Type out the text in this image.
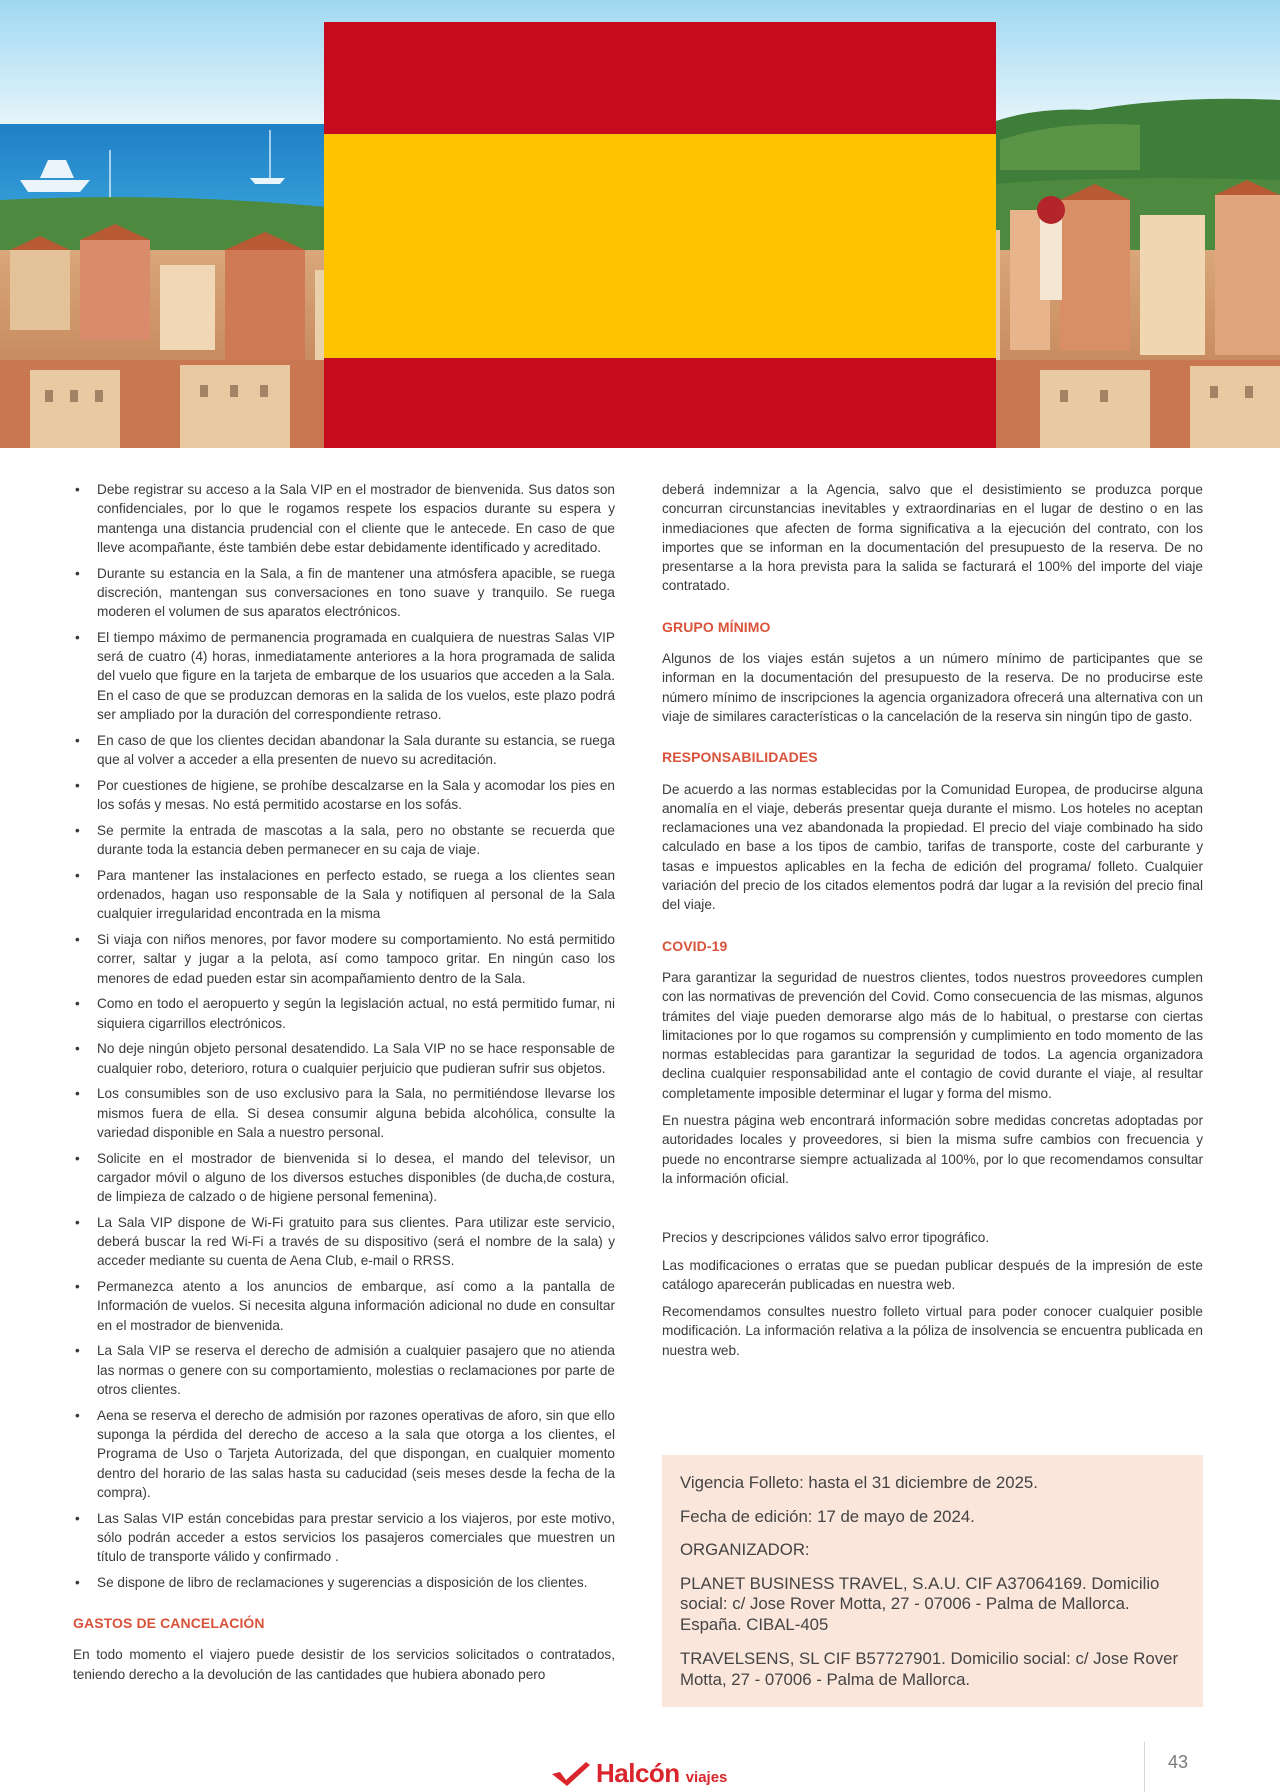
• Debe registrar su acceso a la Sala VIP en el mostrador de bienvenida. Sus datos son confidenciales, por lo que le rogamos respete los espacios durante su espera y mantenga una distancia prudencial con el cliente que le antecede. En caso de que lleve acompañante, éste también debe estar debidamente identificado y acreditado.
• Durante su estancia en la Sala, a fin de mantener una atmósfera apacible, se ruega discreción, mantengan sus conversaciones en tono suave y tranquilo. Se ruega moderen el volumen de sus aparatos electrónicos.
• El tiempo máximo de permanencia programada en cualquiera de nuestras Salas VIP será de cuatro (4) horas, inmediatamente anteriores a la hora programada de salida del vuelo que figure en la tarjeta de embarque de los usuarios que acceden a la Sala. En el caso de que se produzcan demoras en la salida de los vuelos, este plazo podrá ser ampliado por la duración del correspondiente retraso.
• En caso de que los clientes decidan abandonar la Sala durante su estancia, se ruega que al volver a acceder a ella presenten de nuevo su acreditación.
• Por cuestiones de higiene, se prohíbe descalzarse en la Sala y acomodar los pies en los sofás y mesas. No está permitido acostarse en los sofás.
• Se permite la entrada de mascotas a la sala, pero no obstante se recuerda que durante toda la estancia deben permanecer en su caja de viaje.
• Para mantener las instalaciones en perfecto estado, se ruega a los clientes sean ordenados, hagan uso responsable de la Sala y notifiquen al personal de la Sala cualquier irregularidad encontrada en la misma
• Si viaja con niños menores, por favor modere su comportamiento. No está permitido correr, saltar y jugar a la pelota, así como tampoco gritar. En ningún caso los menores de edad pueden estar sin acompañamiento dentro de la Sala.
• Como en todo el aeropuerto y según la legislación actual, no está permitido fumar, ni siquiera cigarrillos electrónicos.
• No deje ningún objeto personal desatendido. La Sala VIP no se hace responsable de cualquier robo, deterioro, rotura o cualquier perjuicio que pudieran sufrir sus objetos.
• Los consumibles son de uso exclusivo para la Sala, no permitiéndose llevarse los mismos fuera de ella. Si desea consumir alguna bebida alcohólica, consulte la variedad disponible en Sala a nuestro personal.
• Solicite en el mostrador de bienvenida si lo desea, el mando del televisor, un cargador móvil o alguno de los diversos estuches disponibles (de ducha,de costura, de limpieza de calzado o de higiene personal femenina).
• La Sala VIP dispone de Wi-Fi gratuito para sus clientes. Para utilizar este servicio, deberá buscar la red Wi-Fi a través de su dispositivo (será el nombre de la sala) y acceder mediante su cuenta de Aena Club, e-mail o RRSS.
• Permanezca atento a los anuncios de embarque, así como a la pantalla de Información de vuelos. Si necesita alguna información adicional no dude en consultar en el mostrador de bienvenida.
• La Sala VIP se reserva el derecho de admisión a cualquier pasajero que no atienda las normas o genere con su comportamiento, molestias o reclamaciones por parte de otros clientes.
• Aena se reserva el derecho de admisión por razones operativas de aforo, sin que ello suponga la pérdida del derecho de acceso a la sala que otorga a los clientes, el Programa de Uso o Tarjeta Autorizada, del que dispongan, en cualquier momento dentro del horario de las salas hasta su caducidad (seis meses desde la fecha de la compra).
• Las Salas VIP están concebidas para prestar servicio a los viajeros, por este motivo, sólo podrán acceder a estos servicios los pasajeros comerciales que muestren un título de transporte válido y confirmado .
• Se dispone de libro de reclamaciones y sugerencias a disposición de los clientes.
GASTOS DE CANCELACIÓN

En todo momento el viajero puede desistir de los servicios solicitados o contratados, teniendo derecho a la devolución de las cantidades que hubiera abonado pero

deberá indemnizar a la Agencia, salvo que el desistimiento se produzca porque concurran circunstancias inevitables y extraordinarias en el lugar de destino o en las inmediaciones que afecten de forma significativa a la ejecución del contrato, con los importes que se informan en la documentación del presupuesto de la reserva. De no presentarse a la hora prevista para la salida se facturará el 100% del importe del viaje contratado.

GRUPO MÍNIMO

Algunos de los viajes están sujetos a un número mínimo de participantes que se informan en la documentación del presupuesto de la reserva. De no producirse este número mínimo de inscripciones la agencia organizadora ofrecerá una alternativa con un viaje de similares características o la cancelación de la reserva sin ningún tipo de gasto.

RESPONSABILIDADES

De acuerdo a las normas establecidas por la Comunidad Europea, de producirse alguna anomalía en el viaje, deberás presentar queja durante el mismo. Los hoteles no aceptan reclamaciones una vez abandonada la propiedad. El precio del viaje combinado ha sido calculado en base a los tipos de cambio, tarifas de transporte, coste del carburante y tasas e impuestos aplicables en la fecha de edición del programa/ folleto. Cualquier variación del precio de los citados elementos podrá dar lugar a la revisión del precio final del viaje.

COVID-19

Para garantizar la seguridad de nuestros clientes, todos nuestros proveedores cumplen con las normativas de prevención del Covid. Como consecuencia de las mismas, algunos trámites del viaje pueden demorarse algo más de lo habitual, o prestarse con ciertas limitaciones por lo que rogamos su comprensión y cumplimiento en todo momento de las normas establecidas para garantizar la seguridad de todos. La agencia organizadora declina cualquier responsabilidad ante el contagio de covid durante el viaje, al resultar completamente imposible determinar el lugar y forma del mismo.

En nuestra página web encontrará información sobre medidas concretas adoptadas por autoridades locales y proveedores, si bien la misma sufre cambios con frecuencia y puede no encontrarse siempre actualizada al 100%, por lo que recomendamos consultar la información oficial.

Precios y descripciones válidos salvo error tipográfico.

Las modificaciones o erratas que se puedan publicar después de la impresión de este catálogo aparecerán publicadas en nuestra web.

Recomendamos consultes nuestro folleto virtual para poder conocer cualquier posible modificación. La información relativa a la póliza de insolvencia se encuentra publicada en nuestra web.

Vigencia Folleto: hasta el 31 diciembre de 2025.

Fecha de edición: 17 de mayo de 2024.

ORGANIZADOR:

PLANET BUSINESS TRAVEL, S.A.U. CIF A37064169. Domicilio social: c/ Jose Rover Motta, 27 - 07006 - Palma de Mallorca. España. CIBAL-405

TRAVELSENS, SL CIF B57727901. Domicilio social: c/ Jose Rover Motta, 27 - 07006 - Palma de Mallorca.

Halcón viajes
43
